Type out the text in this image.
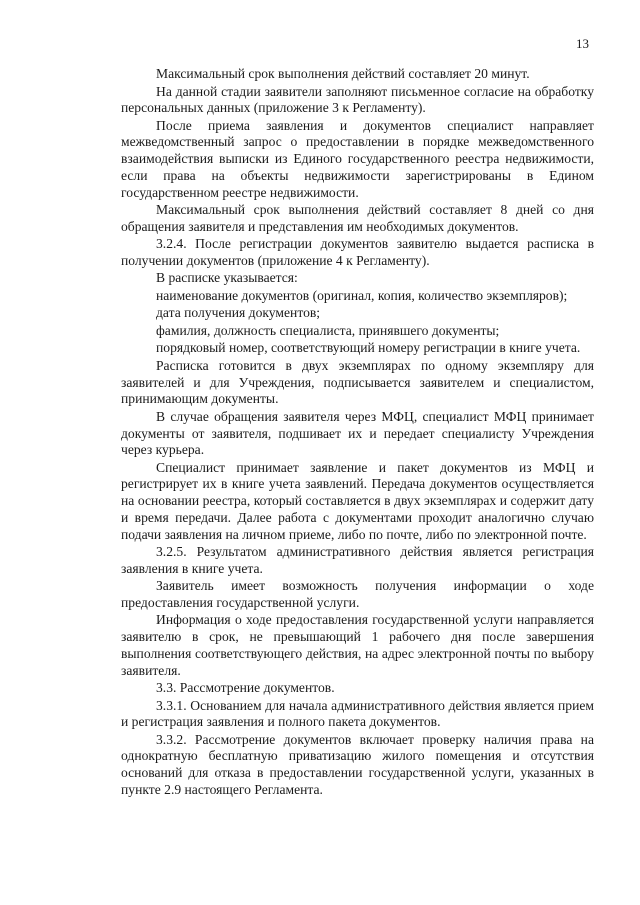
13

Максимальный срок выполнения действий составляет 20 минут.

На данной стадии заявители заполняют письменное согласие на обработку персональных данных (приложение 3 к Регламенту).

После приема заявления и документов специалист направляет межведомственный запрос о предоставлении в порядке межведомственного взаимодействия выписки из Единого государственного реестра недвижимости, если права на объекты недвижимости зарегистрированы в Едином государственном реестре недвижимости.

Максимальный срок выполнения действий составляет 8 дней со дня обращения заявителя и представления им необходимых документов.

3.2.4. После регистрации документов заявителю выдается расписка в получении документов (приложение 4 к Регламенту).

В расписке указывается:

наименование документов (оригинал, копия, количество экземпляров);

дата получения документов;

фамилия, должность специалиста, принявшего документы;

порядковый номер, соответствующий номеру регистрации в книге учета.

Расписка готовится в двух экземплярах по одному экземпляру для заявителей и для Учреждения, подписывается заявителем и специалистом, принимающим документы.

В случае обращения заявителя через МФЦ, специалист МФЦ принимает документы от заявителя, подшивает их и передает специалисту Учреждения через курьера.

Специалист принимает заявление и пакет документов из МФЦ и регистрирует их в книге учета заявлений. Передача документов осуществляется на основании реестра, который составляется в двух экземплярах и содержит дату и время передачи. Далее работа с документами проходит аналогично случаю подачи заявления на личном приеме, либо по почте, либо по электронной почте.

3.2.5. Результатом административного действия является регистрация заявления в книге учета.

Заявитель имеет возможность получения информации о ходе предоставления государственной услуги.

Информация о ходе предоставления государственной услуги направляется заявителю в срок, не превышающий 1 рабочего дня после завершения выполнения соответствующего действия, на адрес электронной почты по выбору заявителя.

3.3. Рассмотрение документов.

3.3.1. Основанием для начала административного действия является прием и регистрация заявления и полного пакета документов.

3.3.2. Рассмотрение документов включает проверку наличия права на однократную бесплатную приватизацию жилого помещения и отсутствия оснований для отказа в предоставлении государственной услуги, указанных в пункте 2.9 настоящего Регламента.
